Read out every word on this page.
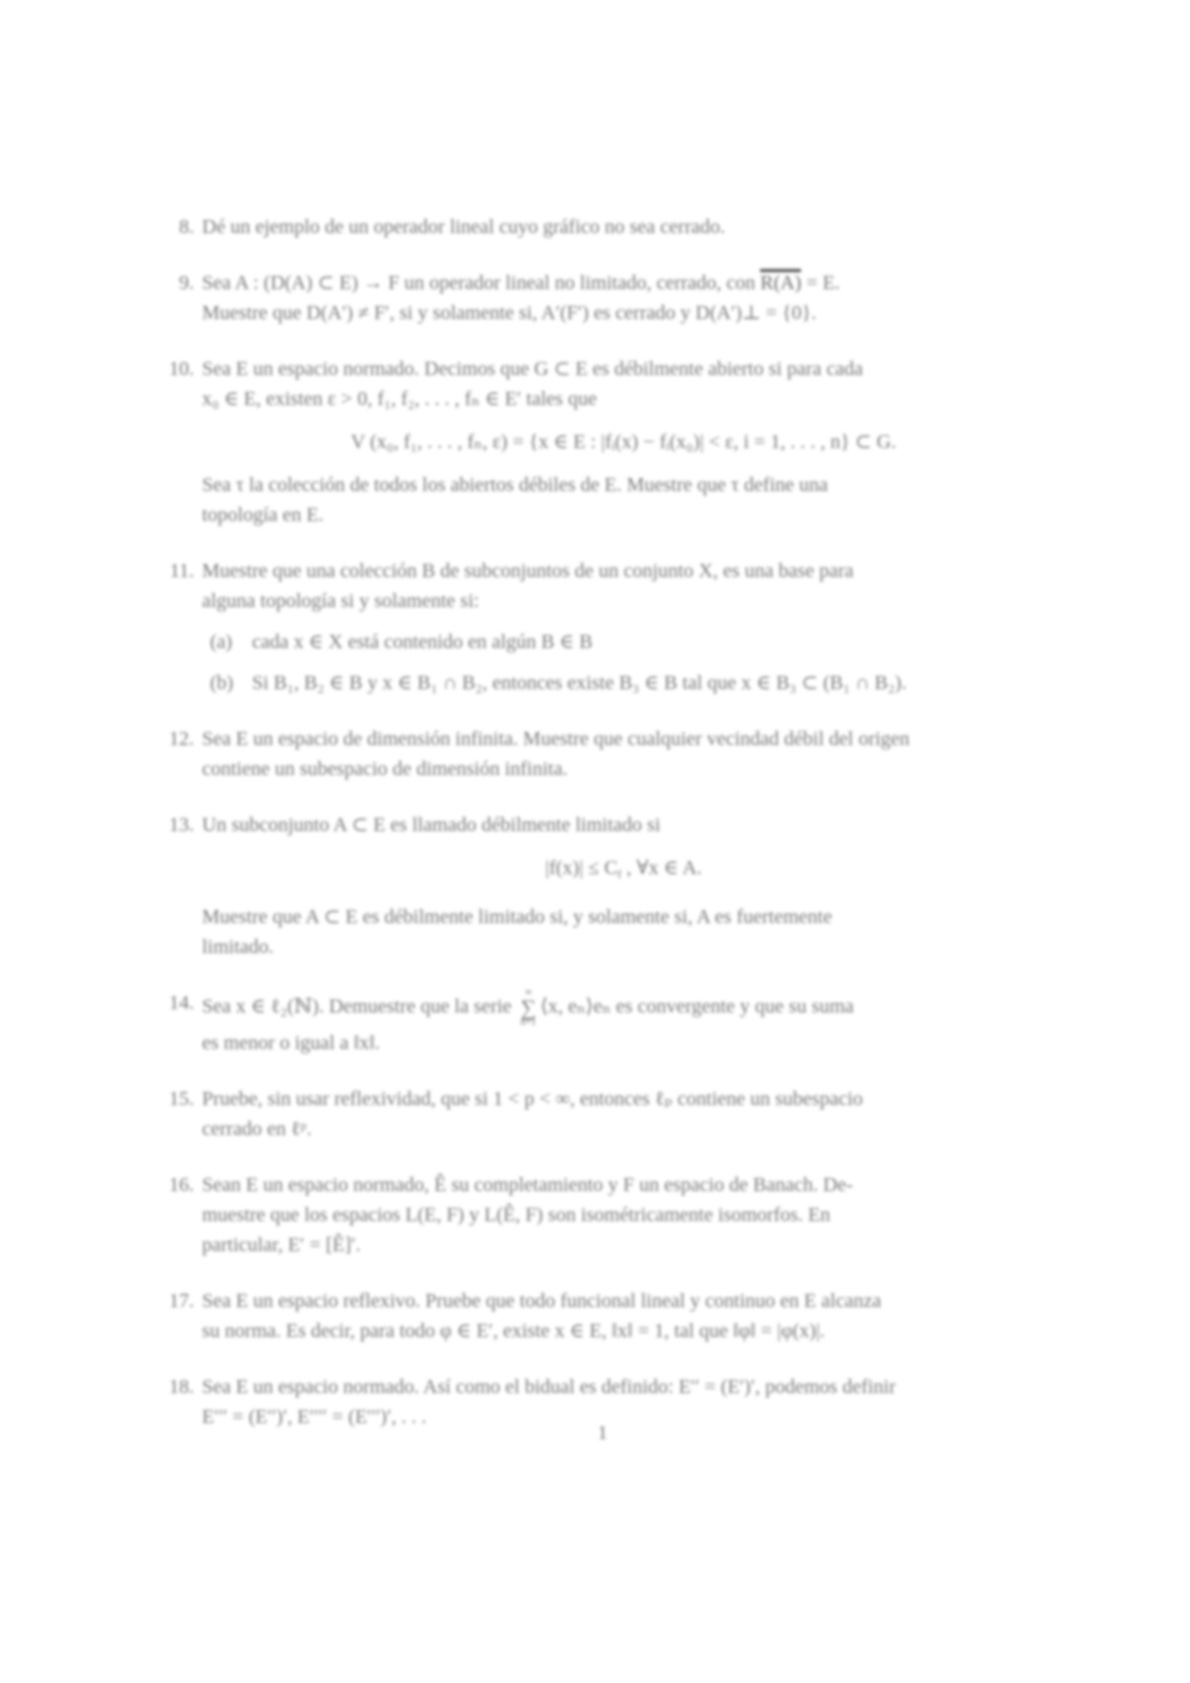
8. Dé un ejemplo de un operador lineal cuyo gráfico no sea cerrado.
9. Sea A : (D(A) ⊂ E) → F un operador lineal no limitado, cerrado, con R(A) = E.
Muestre que D(A′) ≠ F′, si y solamente si, A′(F′) es cerrado y D(A′)⊥ = {0}.
10. Sea E un espacio normado. Decimos que G ⊂ E es débilmente abierto si para cada
x₀ ∈ E, existen ε > 0, f₁, f₂, . . . , fₙ ∈ E′ tales que
V (x₀, f₁, . . . , fₙ, ε) = {x ∈ E : |fᵢ(x) − fᵢ(x₀)| < ε, i = 1, . . . , n} ⊂ G.
Sea τ la colección de todos los abiertos débiles de E. Muestre que τ define una
topología en E.
11. Muestre que una colección B de subconjuntos de un conjunto X, es una base para
alguna topología si y solamente si:
(a) cada x ∈ X está contenido en algún B ∈ B
(b) Si B₁, B₂ ∈ B y x ∈ B₁ ∩ B₂, entonces existe B₃ ∈ B tal que x ∈ B₃ ⊂ (B₁ ∩ B₂).
12. Sea E un espacio de dimensión infinita. Muestre que cualquier vecindad débil del origen
contiene un subespacio de dimensión infinita.
13. Un subconjunto A ⊂ E es llamado débilmente limitado si
$|f(x)| \le C_f$ , ∀x ∈ A.
Muestre que A ⊂ E es débilmente limitado si, y solamente si, A es fuertemente
limitado.
14. Sea x ∈ ℓ₂(ℕ). Demuestre que la serie
∞
∑
n=1
⟨x, eₙ⟩eₙ es convergente y que su suma
es menor o igual a ‖x‖.
15. Pruebe, sin usar reflexividad, que si 1 < p < ∞, entonces ℓₚ contiene un subespacio
cerrado en ℓᵖ.
16. Sean E un espacio normado, Ê su completamiento y F un espacio de Banach. De-
muestre que los espacios L(E, F) y L(Ê, F) son isométricamente isomorfos. En
particular, E′ = [Ê]′.
17. Sea E un espacio reflexivo. Pruebe que todo funcional lineal y continuo en E alcanza
su norma. Es decir, para todo φ ∈ E′, existe x ∈ E, ‖x‖ = 1, tal que ‖φ‖ = |φ(x)|.
18. Sea E un espacio normado. Así como el bidual es definido: E′′ = (E′)′, podemos definir
E′′′ = (E′′)′, E′′′′ = (E′′′)′, . . .
1
